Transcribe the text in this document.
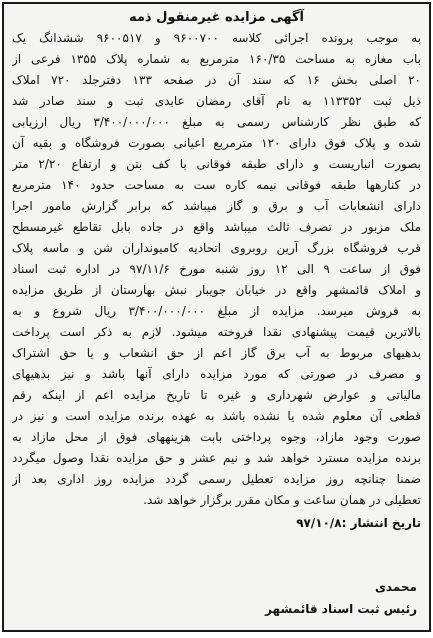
آگهی مزایده غیرمنقول ذمه
به موجب پرونده اجرائی کلاسه ۹۶۰۰۷۰۰ و ۹۶۰۰۵۱۷ ششدانگ یک
باب مغازه به مساحت ۱۶۰/۳۵ مترمربع به شماره پلاک ۱۳۵۵ فرعی از
۲۰ اصلی بخش ۱۶ که سند آن در صفحه ۱۳۳ دفترجلد ۷۲۰ املاک
ذیل ثبت ۱۱۳۳۵۲ به نام آقای رمضان عابدی ثبت و سند صادر شد
که طبق نظر کارشناس رسمی به مبلغ ۳/۴۰۰/۰۰۰/۰۰۰ ریال ارزیابی
شده و پلاک فوق دارای ۱۲۰ مترمربع اعیانی بصورت فروشگاه و بقیه آن
بصورت انباریست و دارای طبقه فوقانی با کف بتن و ارتفاع ۲/۲۰ متر
در کنارهها طبقه فوقانی نیمه کاره ست به مساحت حدود ۱۴۰ مترمربع
دارای انشعابات آب و برق و گاز میباشد که برابر گزارش مامور اجرا
ملک مزبور در تصرف ثالث میباشد واقع در جاده بابل تقاطع غیرمسطح
قرب فروشگاه بزرگ آرین روبروی اتحادیه کامیونداران شن و ماسه پلاک
فوق از ساعت ۹ الی ۱۲ روز شنبه مورخ ۹۷/۱۱/۶ در اداره ثبت اسناد
و املاک قائمشهر واقع در خیابان جویبار نبش بهارستان از طریق مزایده
به فروش میرسد. مزایده از مبلغ ۳/۴۰۰/۰۰۰/۰۰۰ ریال شروع و به
بالاترین قیمت پیشنهادی نقدا فروخته میشود. لازم به ذکر است پرداخت
بدهیهای مربوط به آب برق گاز اعم از حق انشعاب و یا حق اشتراک
و مصرف در صورتی که مورد مزایده دارای آنها باشد و نیز بدهیهای
مالیاتی و عوارض شهرداری و غیره تا تاریخ مزایده اعم از اینکه رقم
قطعی آن معلوم شده یا نشده باشد به عهده برنده مزایده است و نیز در
صورت وجود مازاد، وجوه پرداختی بابت هزینههای فوق از محل مازاد به
برنده مزایده مسترد خواهد شد و نیم عشر و حق مزایده نقدا وصول میگردد
ضمنا چنانچه روز مزایده تعطیل رسمی گردد مزایده روز اداری بعد از
تعطیلی در همان ساعت و مکان مقرر برگزار خواهد شد.
تاریخ انتشار :۹۷/۱۰/۸
محمدی
رئیس ثبت اسناد قائمشهر
